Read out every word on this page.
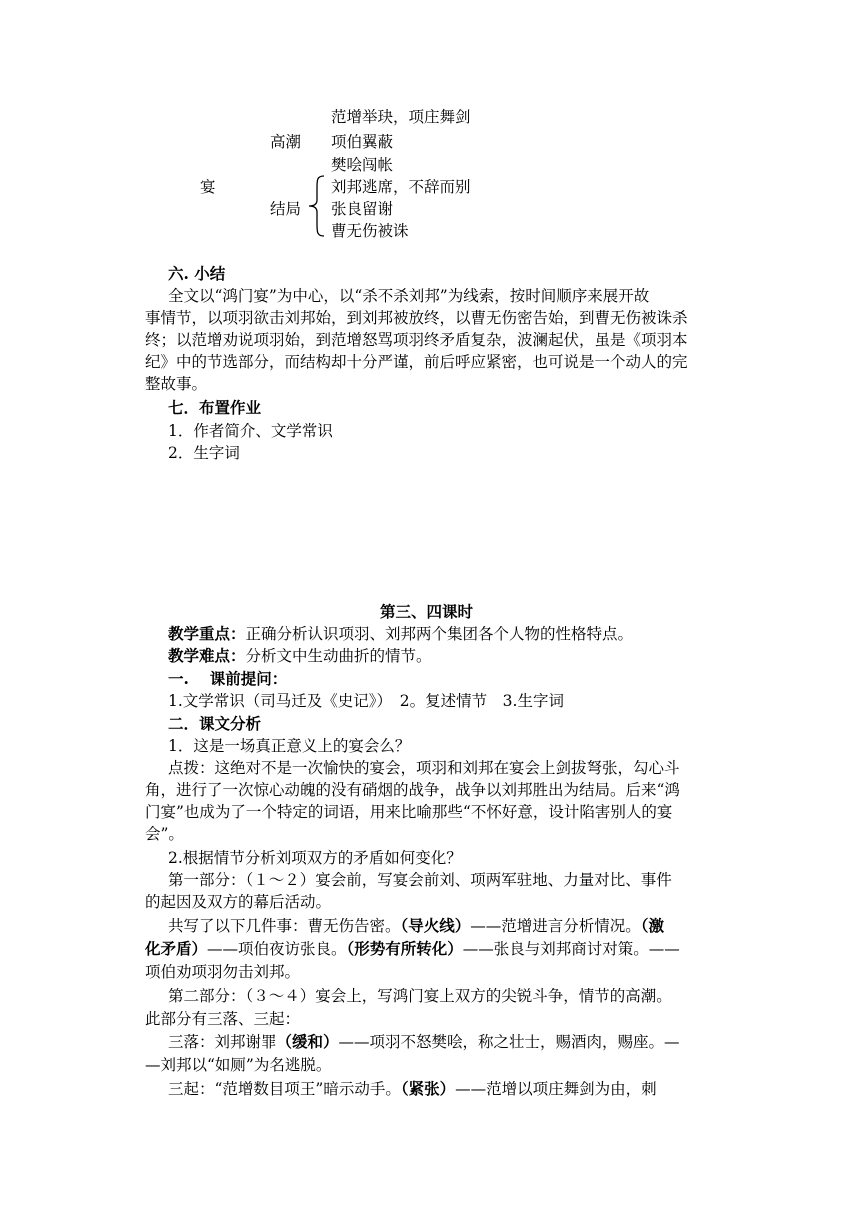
范增举玦，项庄舞剑
高潮 项伯翼蔽
樊哙闯帐
宴	刘邦逃席，不辞而别
结局 张良留谢
曹无伤被诛
六. 小结
全文以“鸿门宴”为中心，以“杀不杀刘邦”为线索，按时间顺序来展开故
事情节，以项羽欲击刘邦始，到刘邦被放终，以曹无伤密告始，到曹无伤被诛杀
终；以范增劝说项羽始，到范增怒骂项羽终矛盾复杂，波澜起伏，虽是《项羽本
纪》中的节选部分，而结构却十分严谨，前后呼应紧密，也可说是一个动人的完
整故事。
七．布置作业
1．作者简介、文学常识
2．生字词
第三、四课时
教学重点：正确分析认识项羽、刘邦两个集团各个人物的性格特点。
教学难点：分析文中生动曲折的情节。
一.　 课前提问：
1.文学常识（司马迁及《史记》）　2。复述情节　3.生字词
二．课文分析
1．这是一场真正意义上的宴会么？
点拨：这绝对不是一次愉快的宴会，项羽和刘邦在宴会上剑拔弩张，勾心斗
角，进行了一次惊心动魄的没有硝烟的战争，战争以刘邦胜出为结局。后来“鸿
门宴”也成为了一个特定的词语，用来比喻那些“不怀好意，设计陷害别人的宴
会”。
2.根据情节分析刘项双方的矛盾如何变化？
第一部分：（１～２）宴会前，写宴会前刘、项两军驻地、力量对比、事件
的起因及双方的幕后活动。
共写了以下几件事：曹无伤告密。（导火线）——范增进言分析情况。（激
化矛盾）——项伯夜访张良。（形势有所转化）——张良与刘邦商讨对策。——
项伯劝项羽勿击刘邦。
第二部分：（３～４）宴会上，写鸿门宴上双方的尖锐斗争，情节的高潮。
此部分有三落、三起：
三落：刘邦谢罪（缓和）——项羽不怒樊哙，称之壮士，赐酒肉，赐座。—
—刘邦以“如厕”为名逃脱。
三起：“范增数目项王”暗示动手。（紧张）——范增以项庄舞剑为由，刺
